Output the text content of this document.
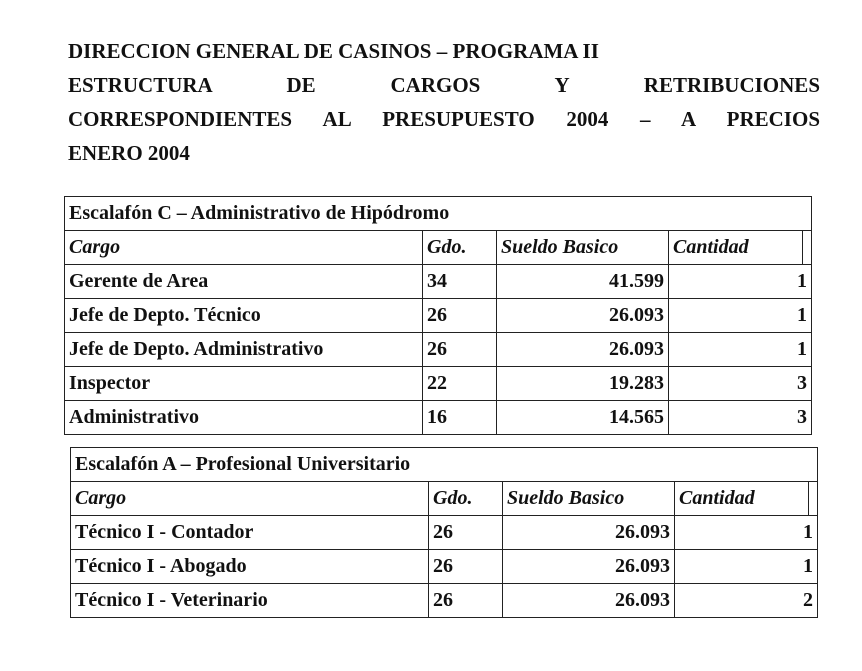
DIRECCION GENERAL DE CASINOS – PROGRAMA II
ESTRUCTURA DE CARGOS Y RETRIBUCIONES
CORRESPONDIENTES AL PRESUPUESTO 2004 – A PRECIOS
ENERO 2004
Escalafón C – Administrativo de Hipódromo				
Cargo	Gdo.	Sueldo Basico	Cantidad	
Gerente de Area	34	41.599	1	
Jefe de Depto. Técnico	26	26.093	1	
Jefe de Depto. Administrativo	26	26.093	1	
Inspector	22	19.283	3	
Administrativo	16	14.565	3	
Escalafón A – Profesional Universitario				
Cargo	Gdo.	Sueldo Basico	Cantidad	
Técnico I - Contador	26	26.093	1	
Técnico I - Abogado	26	26.093	1	
Técnico I - Veterinario	26	26.093	2	
